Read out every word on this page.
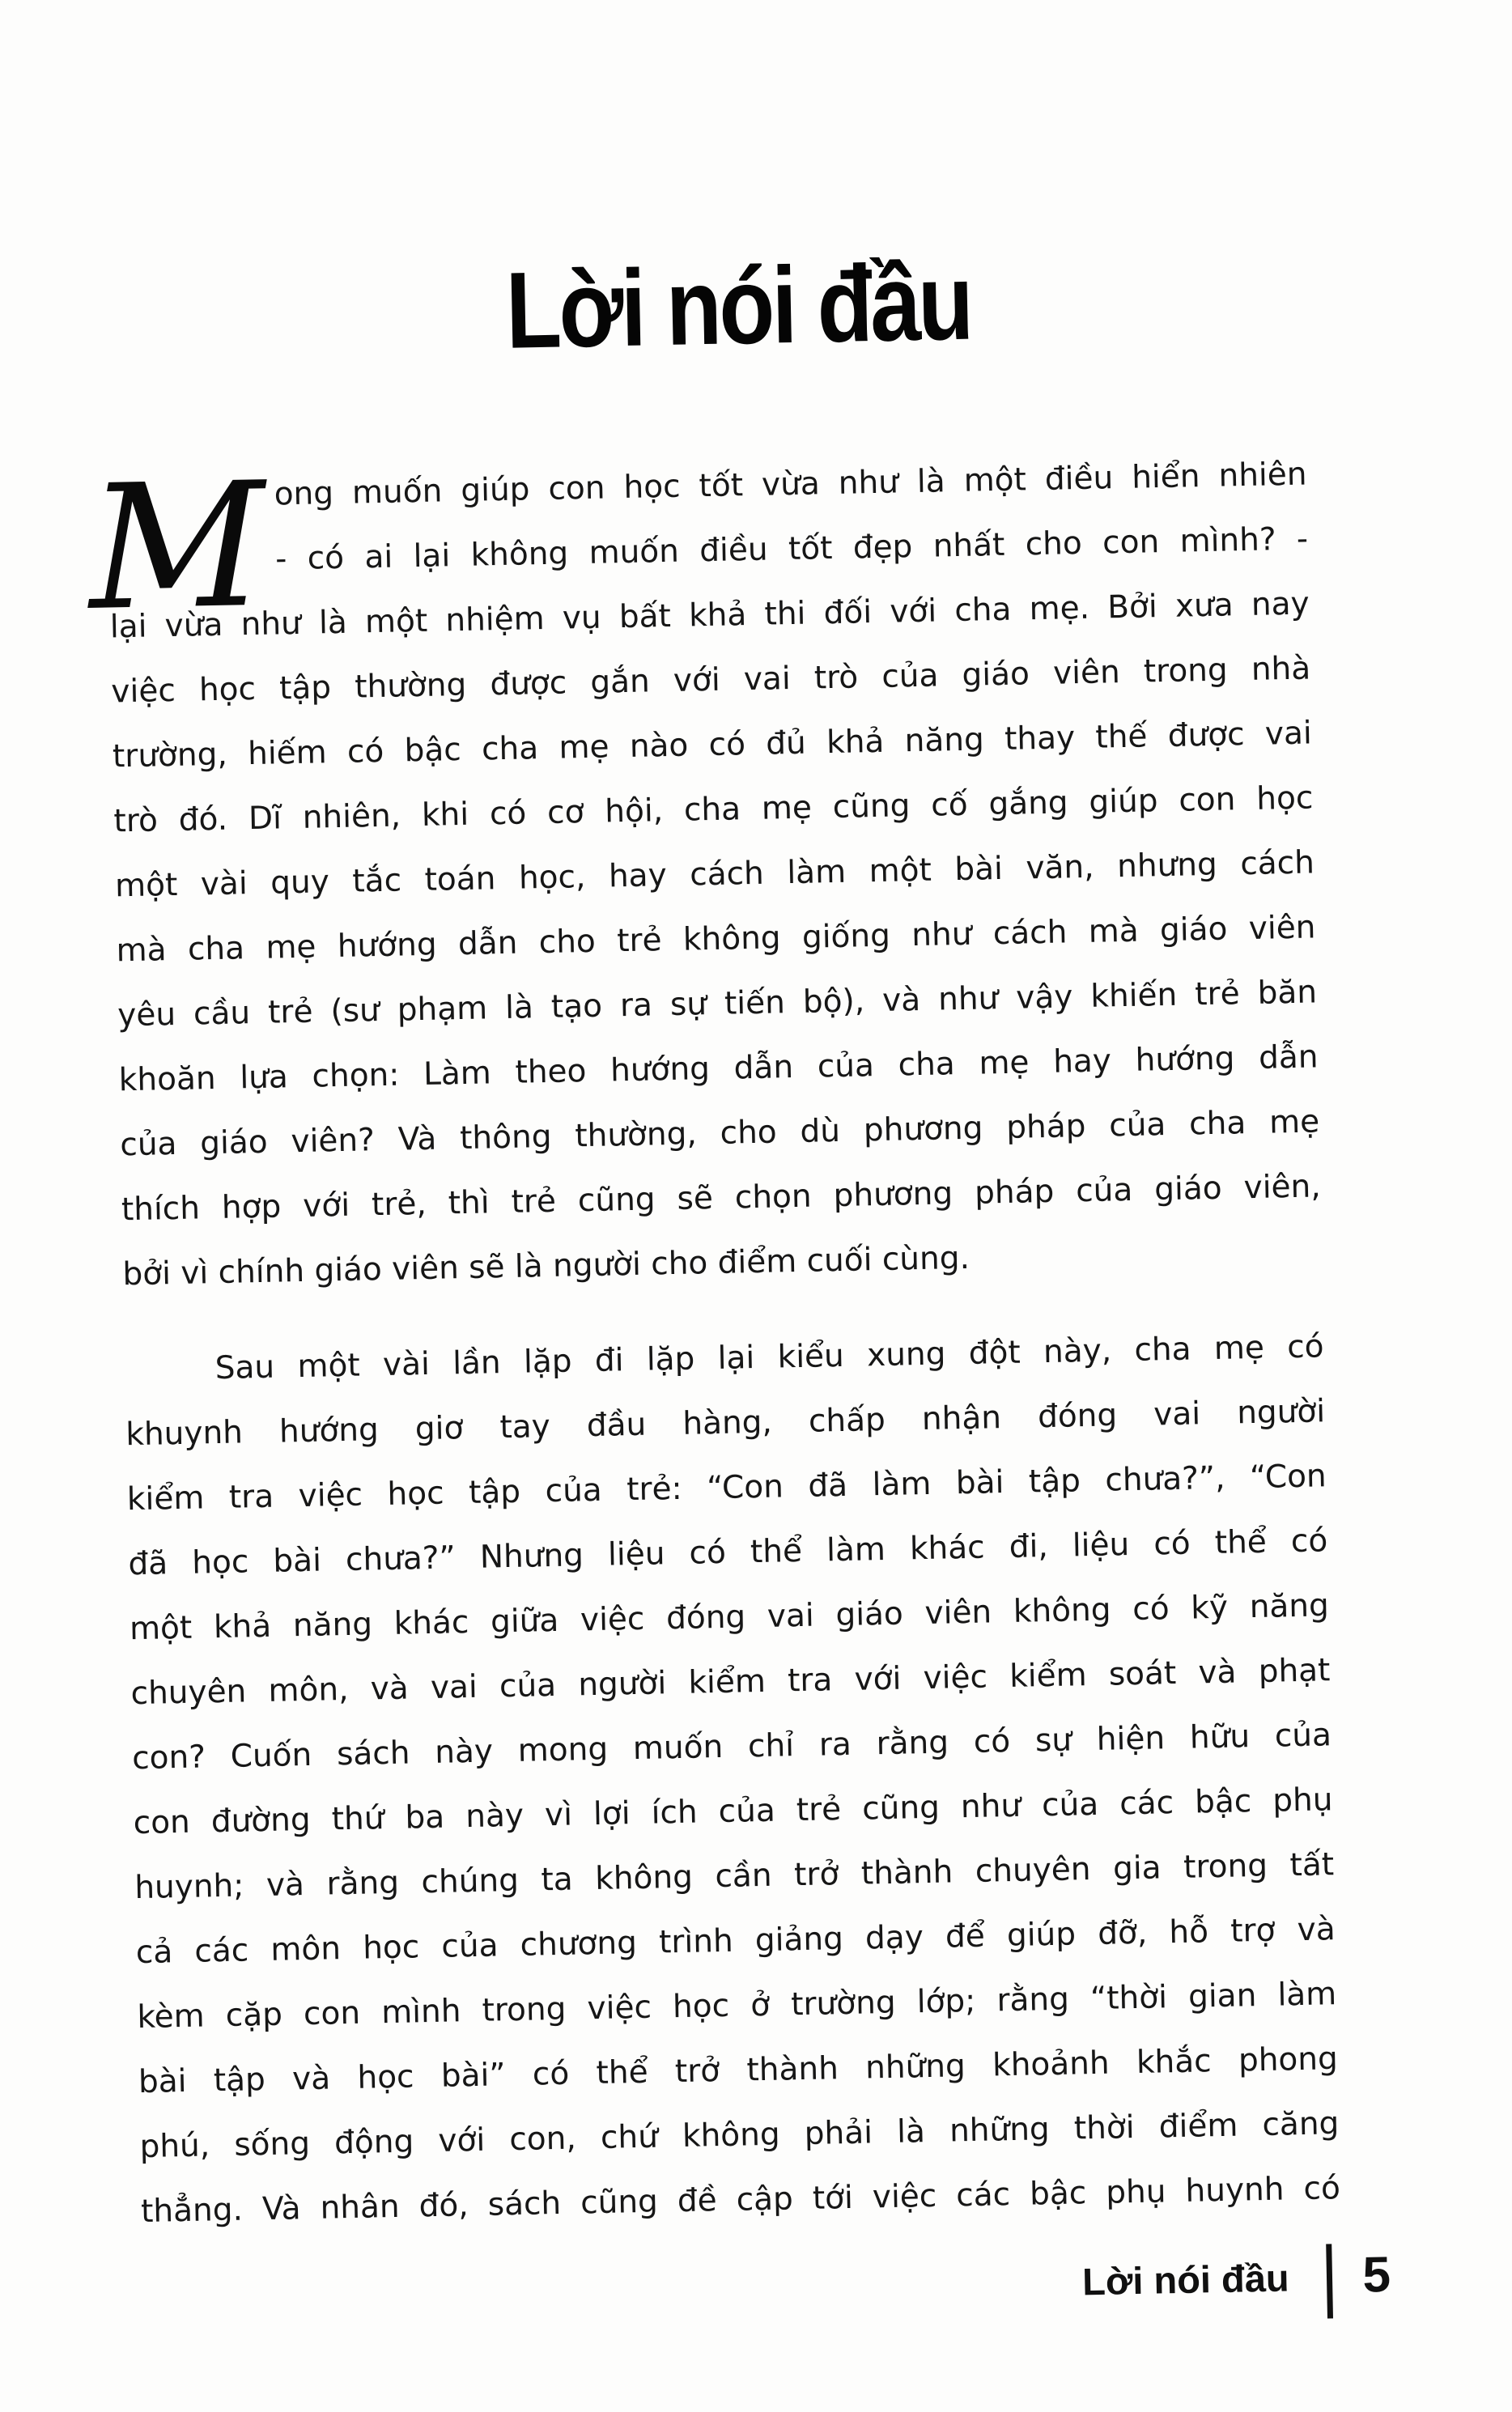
Lời nói đầu
M ong muốn giúp con học tốt vừa như là một điều hiển nhiên
- có ai lại không muốn điều tốt đẹp nhất cho con mình? -
lại vừa như là một nhiệm vụ bất khả thi đối với cha mẹ. Bởi xưa nay
việc học tập thường được gắn với vai trò của giáo viên trong nhà
trường, hiếm có bậc cha mẹ nào có đủ khả năng thay thế được vai
trò đó. Dĩ nhiên, khi có cơ hội, cha mẹ cũng cố gắng giúp con học
một vài quy tắc toán học, hay cách làm một bài văn, nhưng cách
mà cha mẹ hướng dẫn cho trẻ không giống như cách mà giáo viên
yêu cầu trẻ (sư phạm là tạo ra sự tiến bộ), và như vậy khiến trẻ băn
khoăn lựa chọn: Làm theo hướng dẫn của cha mẹ hay hướng dẫn
của giáo viên? Và thông thường, cho dù phương pháp của cha mẹ
thích hợp với trẻ, thì trẻ cũng sẽ chọn phương pháp của giáo viên,
bởi vì chính giáo viên sẽ là người cho điểm cuối cùng.
Sau một vài lần lặp đi lặp lại kiểu xung đột này, cha mẹ có
khuynh hướng giơ tay đầu hàng, chấp nhận đóng vai người
kiểm tra việc học tập của trẻ: “Con đã làm bài tập chưa?”, “Con
đã học bài chưa?” Nhưng liệu có thể làm khác đi, liệu có thể có
một khả năng khác giữa việc đóng vai giáo viên không có kỹ năng
chuyên môn, và vai của người kiểm tra với việc kiểm soát và phạt
con? Cuốn sách này mong muốn chỉ ra rằng có sự hiện hữu của
con đường thứ ba này vì lợi ích của trẻ cũng như của các bậc phụ
huynh; và rằng chúng ta không cần trở thành chuyên gia trong tất
cả các môn học của chương trình giảng dạy để giúp đỡ, hỗ trợ và
kèm cặp con mình trong việc học ở trường lớp; rằng “thời gian làm
bài tập và học bài” có thể trở thành những khoảnh khắc phong
phú, sống động với con, chứ không phải là những thời điểm căng
thẳng. Và nhân đó, sách cũng đề cập tới việc các bậc phụ huynh có
Lời nói đầu 5
